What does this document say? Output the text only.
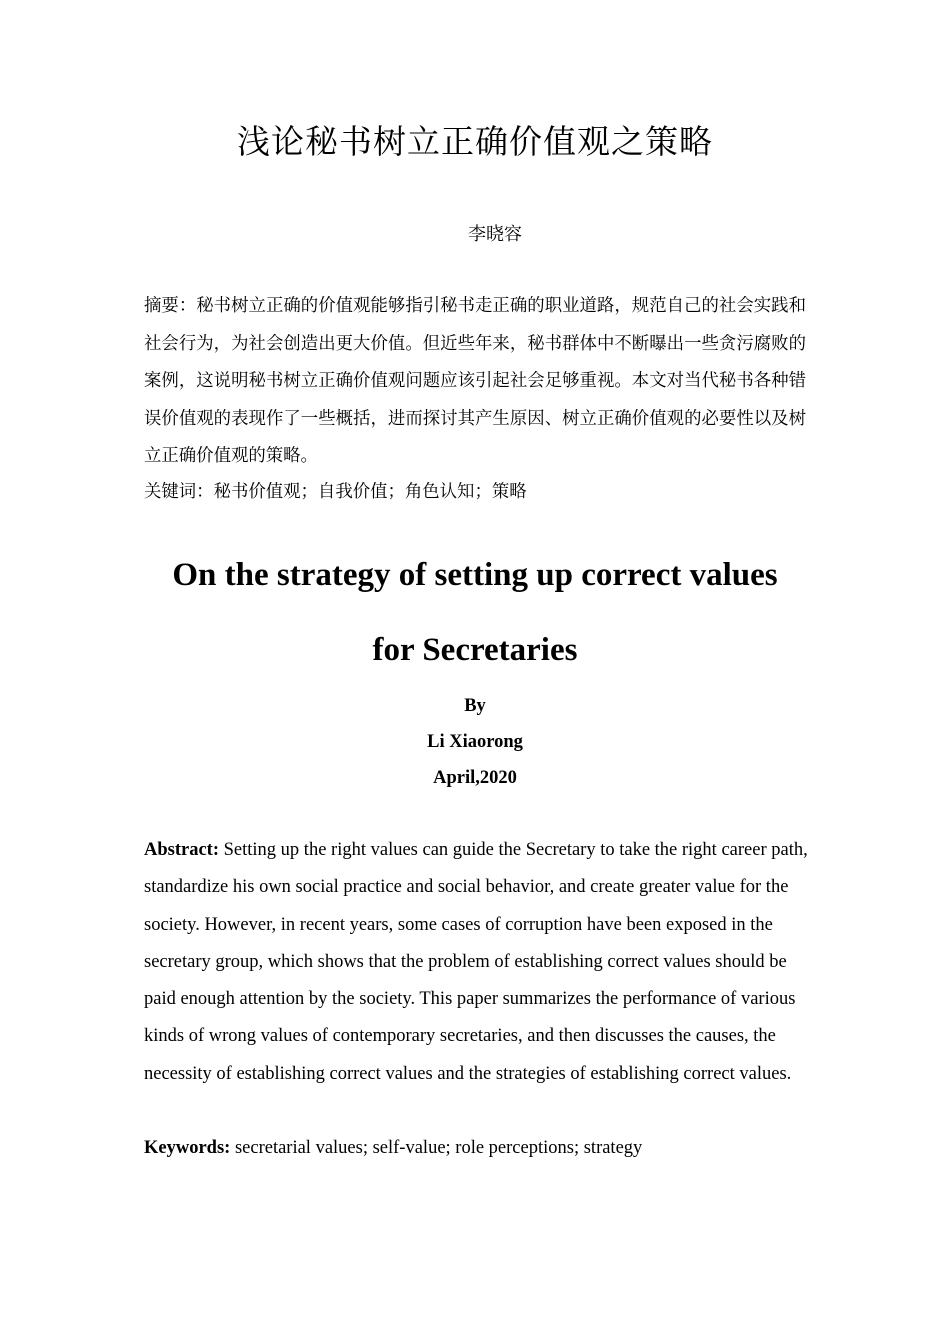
浅论秘书树立正确价值观之策略
李晓容
摘要：秘书树立正确的价值观能够指引秘书走正确的职业道路，规范自己的社会实践和社会行为，为社会创造出更大价值。但近些年来，秘书群体中不断曝出一些贪污腐败的案例，这说明秘书树立正确价值观问题应该引起社会足够重视。本文对当代秘书各种错误价值观的表现作了一些概括，进而探讨其产生原因、树立正确价值观的必要性以及树立正确价值观的策略。
关键词：秘书价值观；自我价值；角色认知；策略
On the strategy of setting up correct values
for Secretaries
By
Li Xiaorong
April,2020
Abstract: Setting up the right values can guide the Secretary to take the right career path, standardize his own social practice and social behavior, and create greater value for the society. However, in recent years, some cases of corruption have been exposed in the secretary group, which shows that the problem of establishing correct values should be paid enough attention by the society. This paper summarizes the performance of various kinds of wrong values of contemporary secretaries, and then discusses the causes, the necessity of establishing correct values and the strategies of establishing correct values.
Keywords: secretarial values; self-value; role perceptions; strategy
